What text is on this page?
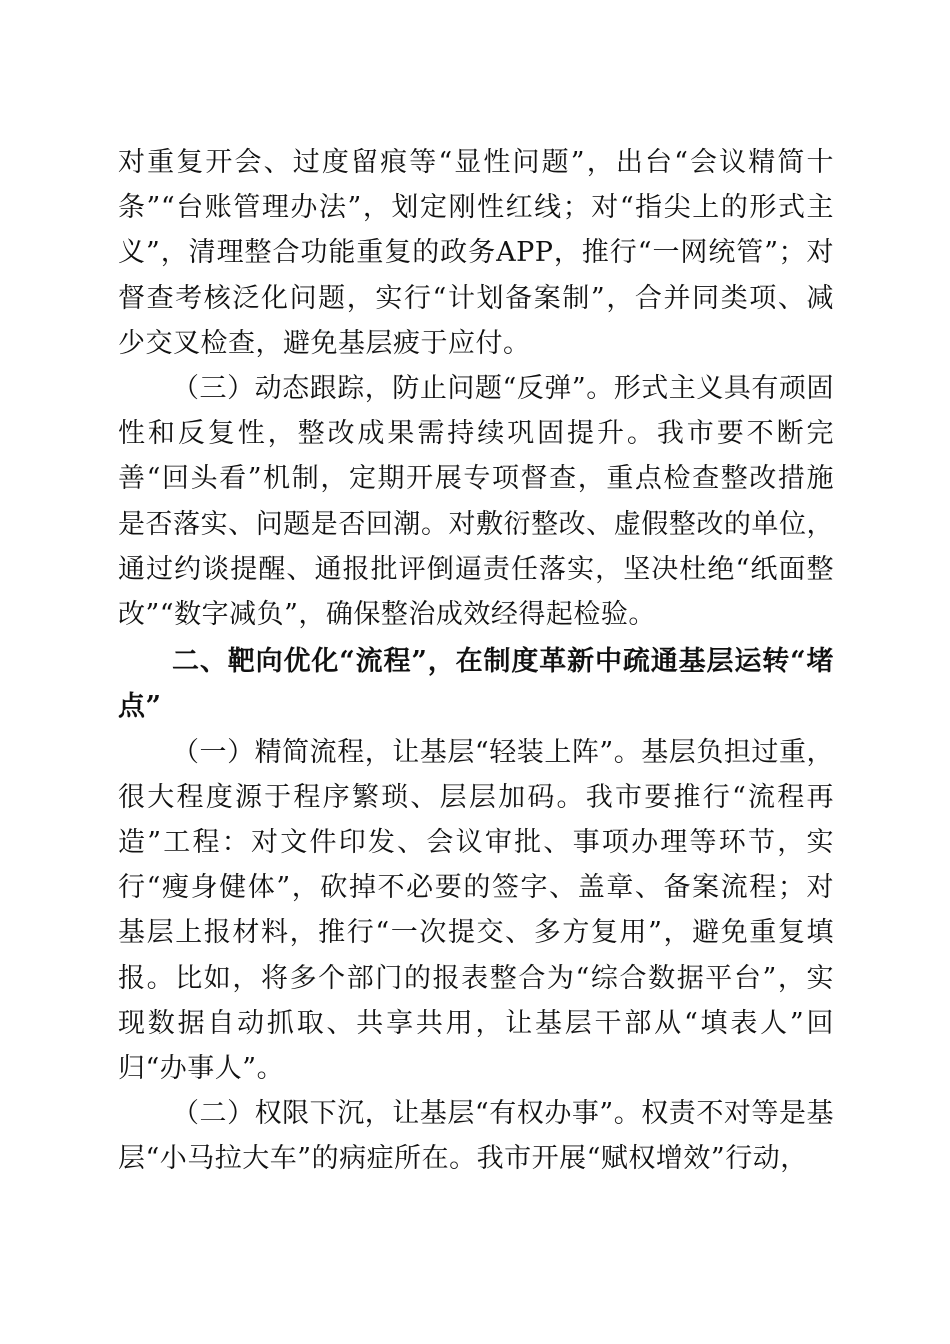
对重复开会、过度留痕等“显性问题”，出台“会议精简十条”“台账管理办法”，划定刚性红线；对“指尖上的形式主义”，清理整合功能重复的政务APP，推行“一网统管”；对督查考核泛化问题，实行“计划备案制”，合并同类项、减少交叉检查，避免基层疲于应付。

（三）动态跟踪，防止问题“反弹”。形式主义具有顽固性和反复性，整改成果需持续巩固提升。我市要不断完善“回头看”机制，定期开展专项督查，重点检查整改措施是否落实、问题是否回潮。对敷衍整改、虚假整改的单位，通过约谈提醒、通报批评倒逼责任落实，坚决杜绝“纸面整改”“数字减负”，确保整治成效经得起检验。

二、靶向优化“流程”，在制度革新中疏通基层运转“堵点”

（一）精简流程，让基层“轻装上阵”。基层负担过重，很大程度源于程序繁琐、层层加码。我市要推行“流程再造”工程：对文件印发、会议审批、事项办理等环节，实行“瘦身健体”，砍掉不必要的签字、盖章、备案流程；对基层上报材料，推行“一次提交、多方复用”，避免重复填报。比如，将多个部门的报表整合为“综合数据平台”，实现数据自动抓取、共享共用，让基层干部从“填表人”回归“办事人”。

（二）权限下沉，让基层“有权办事”。权责不对等是基层“小马拉大车”的病症所在。我市开展“赋权增效”行动，
